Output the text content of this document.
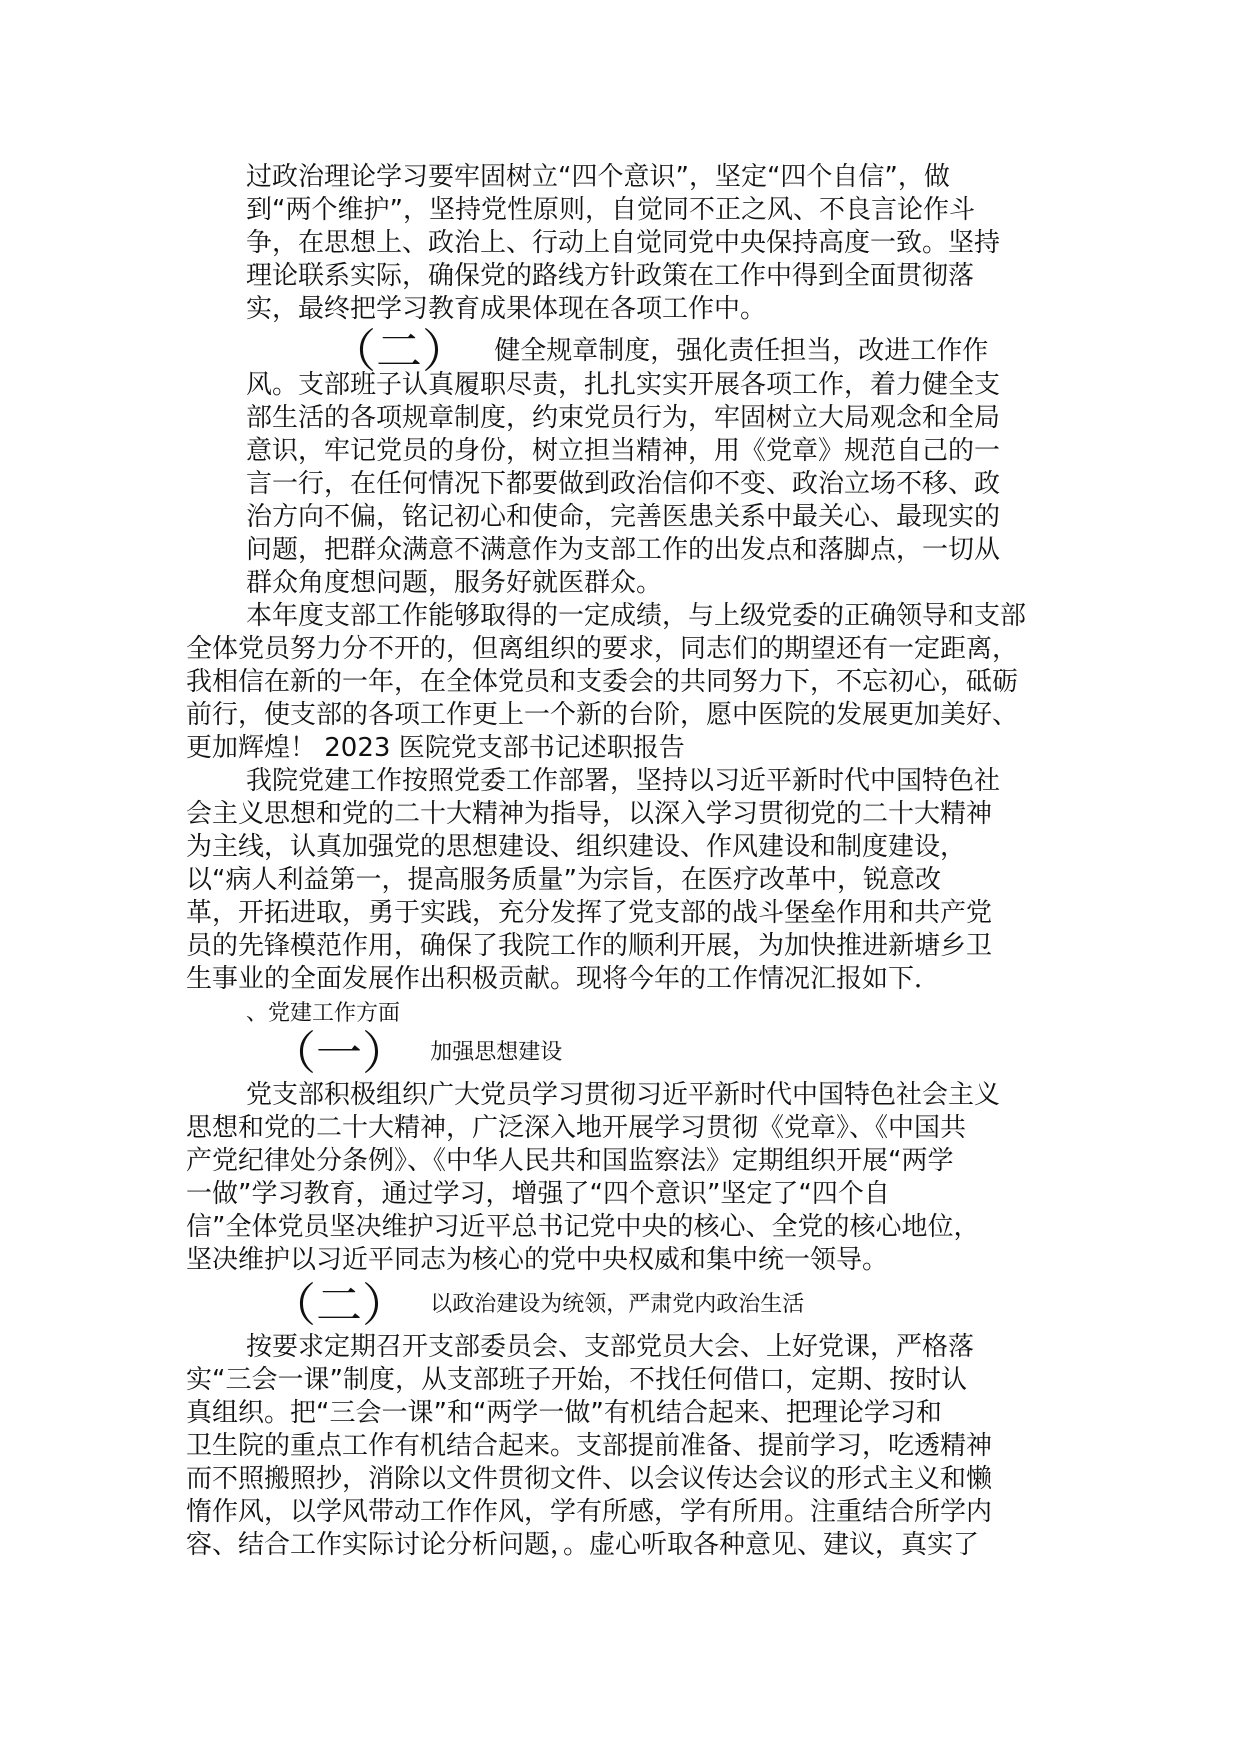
过政治理论学习要牢固树立“四个意识”，坚定“四个自信”，做
到“两个维护”，坚持党性原则，自觉同不正之风、不良言论作斗
争，在思想上、政治上、行动上自觉同党中央保持高度一致。坚持
理论联系实际，确保党的路线方针政策在工作中得到全面贯彻落
实，最终把学习教育成果体现在各项工作中。
（二） 健全规章制度，强化责任担当，改进工作作
风。支部班子认真履职尽责，扎扎实实开展各项工作，着力健全支
部生活的各项规章制度，约束党员行为，牢固树立大局观念和全局
意识，牢记党员的身份，树立担当精神，用《党章》规范自己的一
言一行，在任何情况下都要做到政治信仰不变、政治立场不移、政
治方向不偏，铭记初心和使命，完善医患关系中最关心、最现实的
问题，把群众满意不满意作为支部工作的出发点和落脚点，一切从
群众角度想问题，服务好就医群众。
本年度支部工作能够取得的一定成绩，与上级党委的正确领导和支部
全体党员努力分不开的，但离组织的要求，同志们的期望还有一定距离，
我相信在新的一年，在全体党员和支委会的共同努力下，不忘初心，砥砺
前行，使支部的各项工作更上一个新的台阶，愿中医院的发展更加美好、
更加辉煌！ 2023 医院党支部书记述职报告
我院党建工作按照党委工作部署，坚持以习近平新时代中国特色社
会主义思想和党的二十大精神为指导，以深入学习贯彻党的二十大精神
为主线，认真加强党的思想建设、组织建设、作风建设和制度建设，
以“病人利益第一，提高服务质量”为宗旨，在医疗改革中，锐意改
革，开拓进取，勇于实践，充分发挥了党支部的战斗堡垒作用和共产党
员的先锋模范作用，确保了我院工作的顺利开展，为加快推进新塘乡卫
生事业的全面发展作出积极贡献。现将今年的工作情况汇报如下．
、党建工作方面
（一） 加强思想建设
党支部积极组织广大党员学习贯彻习近平新时代中国特色社会主义
思想和党的二十大精神，广泛深入地开展学习贯彻《党章》、《中国共
产党纪律处分条例》、《中华人民共和国监察法》定期组织开展“两学
一做”学习教育，通过学习，增强了“四个意识”坚定了“四个自
信”全体党员坚决维护习近平总书记党中央的核心、全党的核心地位，
坚决维护以习近平同志为核心的党中央权威和集中统一领导。
（二） 以政治建设为统领，严肃党内政治生活
按要求定期召开支部委员会、支部党员大会、上好党课，严格落
实“三会一课”制度，从支部班子开始，不找任何借口，定期、按时认
真组织。把“三会一课”和“两学一做”有机结合起来、把理论学习和
卫生院的重点工作有机结合起来。支部提前准备、提前学习，吃透精神
而不照搬照抄，消除以文件贯彻文件、以会议传达会议的形式主义和懒
惰作风，以学风带动工作作风，学有所感，学有所用。注重结合所学内
容、结合工作实际讨论分析问题，。虚心听取各种意见、建议，真实了
